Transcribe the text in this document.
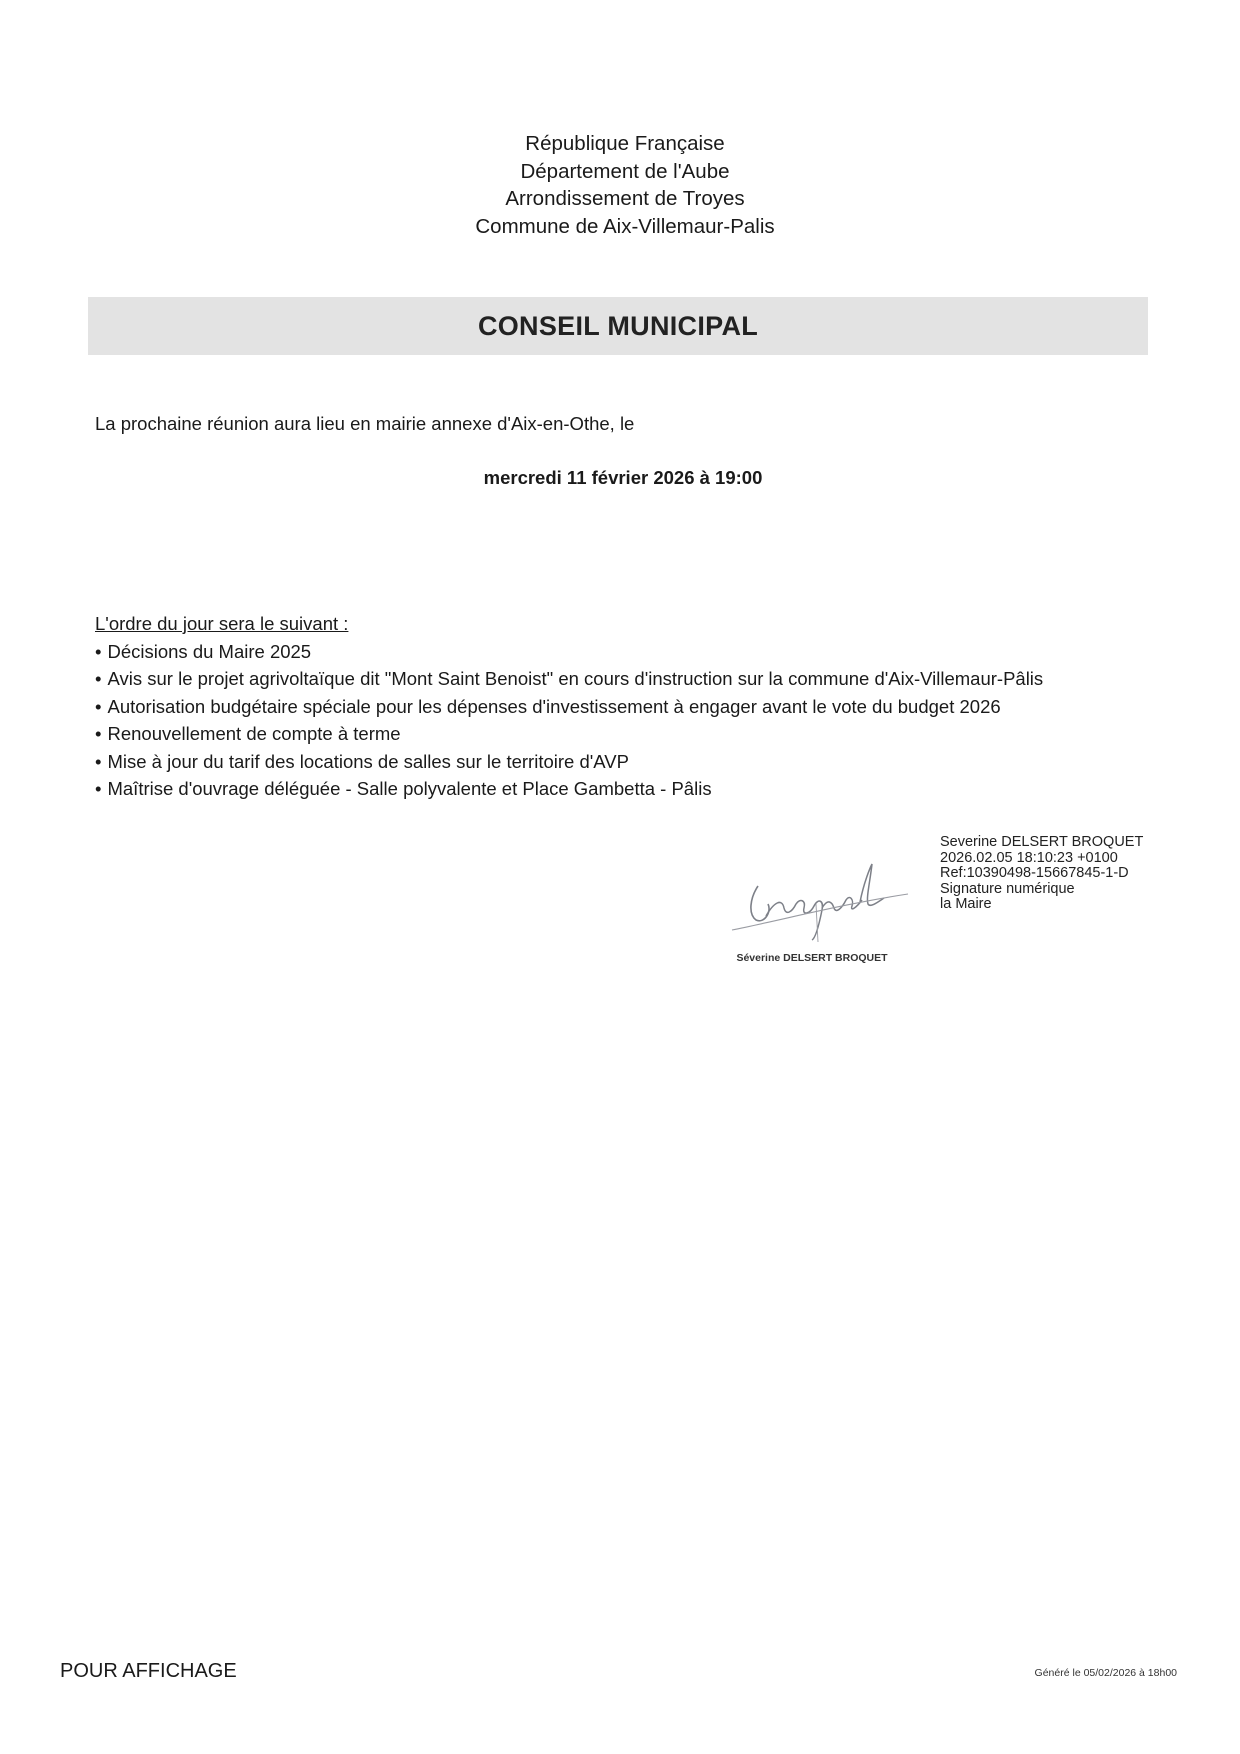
République Française
Département de l'Aube
Arrondissement de Troyes
Commune de Aix-Villemaur-Palis
CONSEIL MUNICIPAL
La prochaine réunion aura lieu en mairie annexe d'Aix-en-Othe, le
mercredi 11 février 2026 à 19:00
L'ordre du jour sera le suivant :
• Décisions du Maire 2025
• Avis sur le projet agrivoltaïque dit "Mont Saint Benoist" en cours d'instruction sur la commune d'Aix-Villemaur-Pâlis
• Autorisation budgétaire spéciale pour les dépenses d'investissement à engager avant le vote du budget 2026
• Renouvellement de compte à terme
• Mise à jour du tarif des locations de salles sur le territoire d'AVP
• Maîtrise d'ouvrage déléguée - Salle polyvalente et Place Gambetta - Pâlis
Severine DELSERT BROQUET
2026.02.05 18:10:23 +0100
Ref:10390498-15667845-1-D
Signature numérique
la Maire
Séverine DELSERT BROQUET
POUR AFFICHAGE	Généré le 05/02/2026 à 18h00
